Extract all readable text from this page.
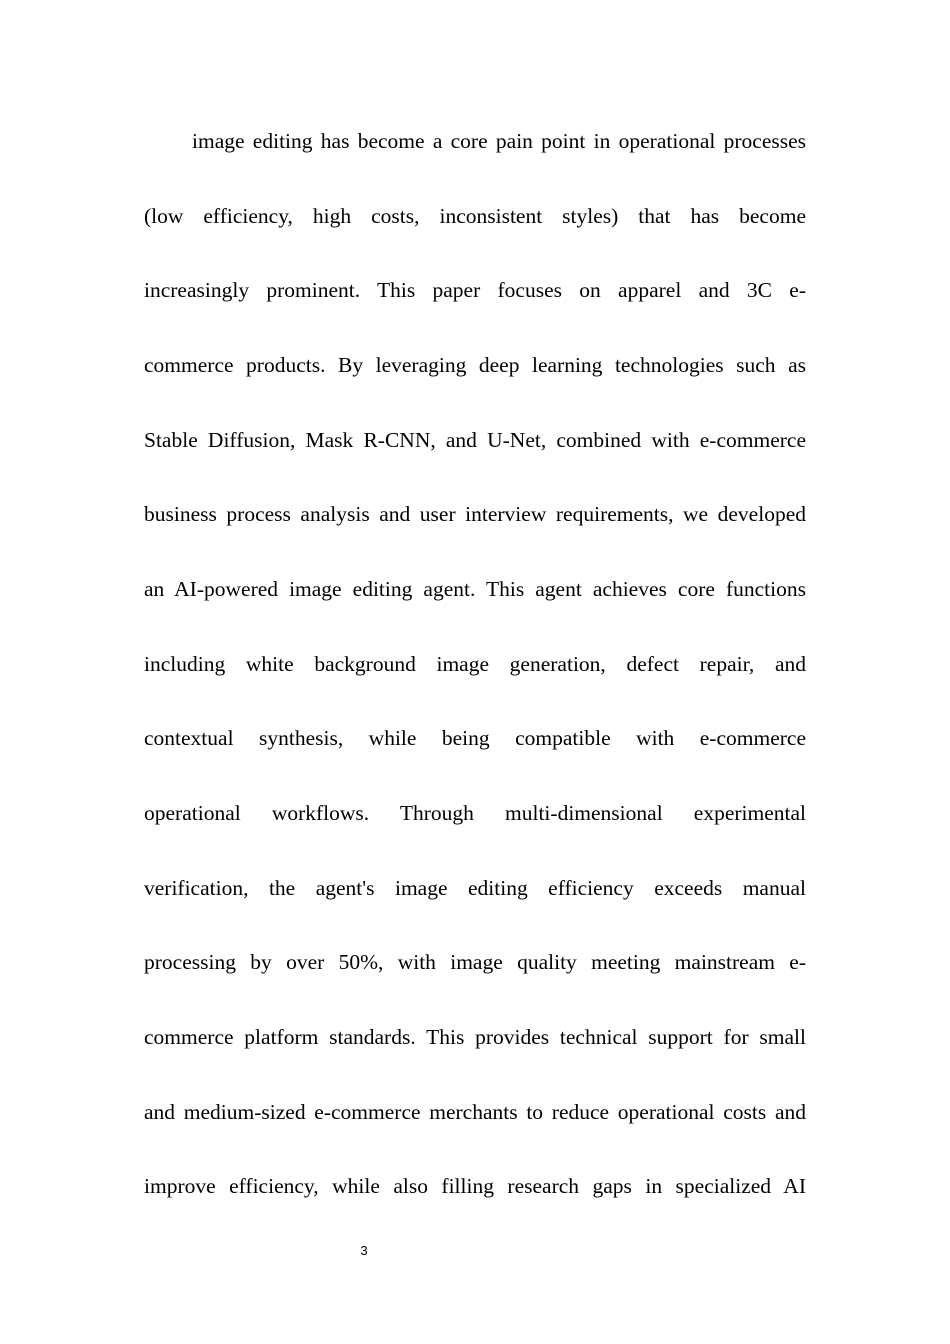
image editing has become a core pain point in operational processes
(low efficiency, high costs, inconsistent styles) that has become
increasingly prominent. This paper focuses on apparel and 3C e-
commerce products. By leveraging deep learning technologies such as
Stable Diffusion, Mask R-CNN, and U-Net, combined with e-commerce
business process analysis and user interview requirements, we developed
an AI-powered image editing agent. This agent achieves core functions
including white background image generation, defect repair, and
contextual synthesis, while being compatible with e-commerce
operational workflows. Through multi-dimensional experimental
verification, the agent's image editing efficiency exceeds manual
processing by over 50%, with image quality meeting mainstream e-
commerce platform standards. This provides technical support for small
and medium-sized e-commerce merchants to reduce operational costs and
improve efficiency, while also filling research gaps in specialized AI
3
